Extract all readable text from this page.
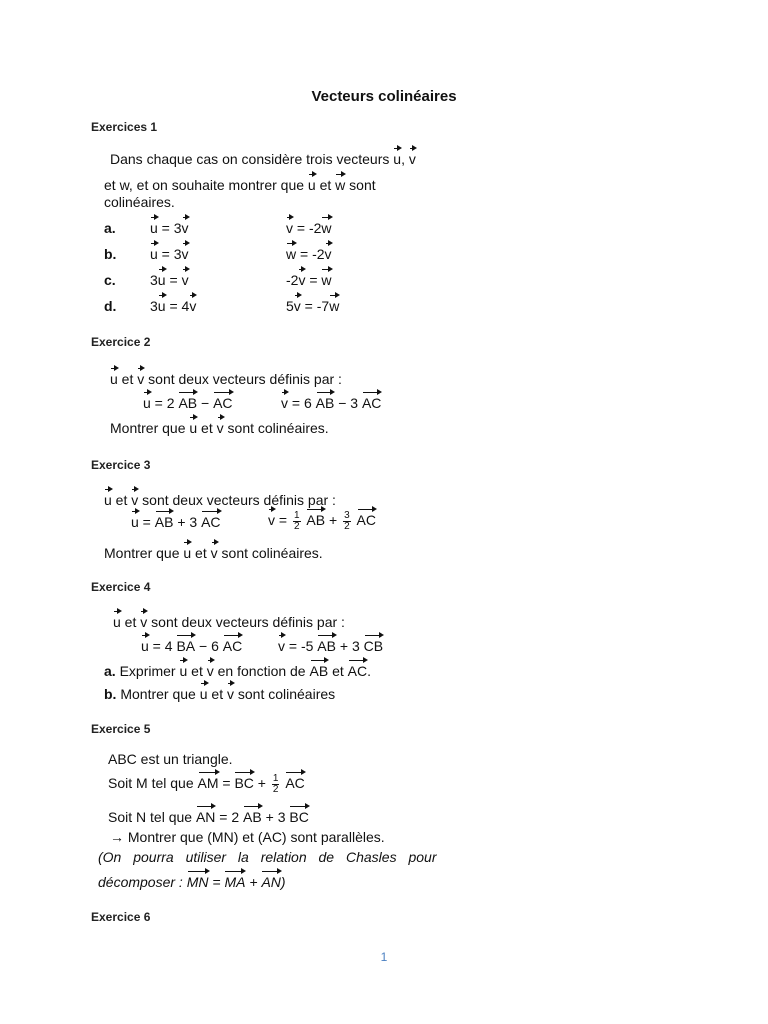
Vecteurs colinéaires
Exercices 1
Dans chaque cas on considère trois vecteurs u, v
et w, et on souhaite montrer que u et w sont
colinéaires.
a. u = 3v	v = -2w
b. u = 3v	w = -2v
c. 3u = v	-2v = w
d. 3u = 4v	5v = -7w
Exercice 2
u et v sont deux vecteurs définis par :
u = 2 AB − AC	v = 6 AB − 3 AC
Montrer que u et v sont colinéaires.
Exercice 3
u et v sont deux vecteurs définis par :
u = AB + 3 AC	$v = \frac{1}{2}$ AB + $\frac{3}{2}$ AC
Montrer que u et v sont colinéaires.
Exercice 4
u et v sont deux vecteurs définis par :
u = 4 BA − 6 AC	v = -5 AB + 3 CB
a. Exprimer u et v en fonction de AB et AC.
b. Montrer que u et v sont colinéaires
Exercice 5
ABC est un triangle.
Soit M tel que AM = BC + $\frac{1}{2}$ AC
Soit N tel que AN = 2 AB + 3 BC
→ Montrer que (MN) et (AC) sont parallèles.
(On pourra utiliser la relation de Chasles pour
décomposer : MN = MA + AN)
Exercice 6
1
